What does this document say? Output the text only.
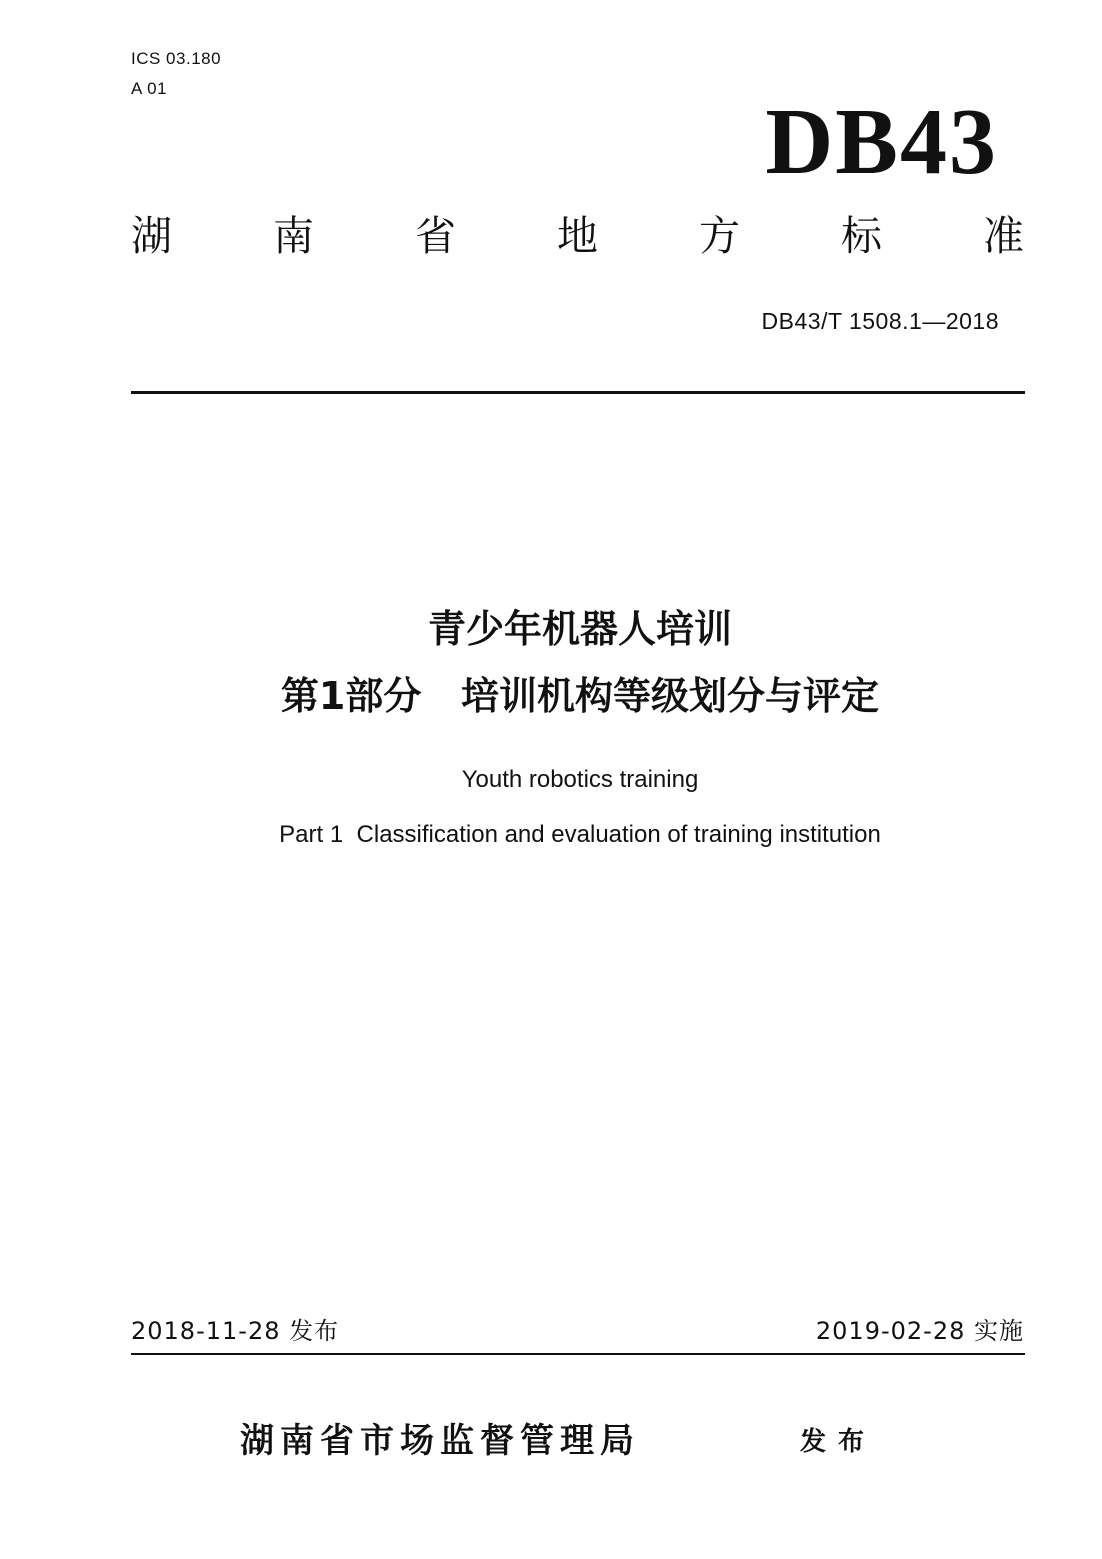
ICS 03.180
A 01
DB43
湖 南 省 地 方 标 准
DB43/T 1508.1—2018
青少年机器人培训
第1部分   培训机构等级划分与评定
Youth robotics training
Part 1  Classification and evaluation of training institution
2018-11-28 发布	2019-02-28 实施
湖南省市场监督管理局	发布
